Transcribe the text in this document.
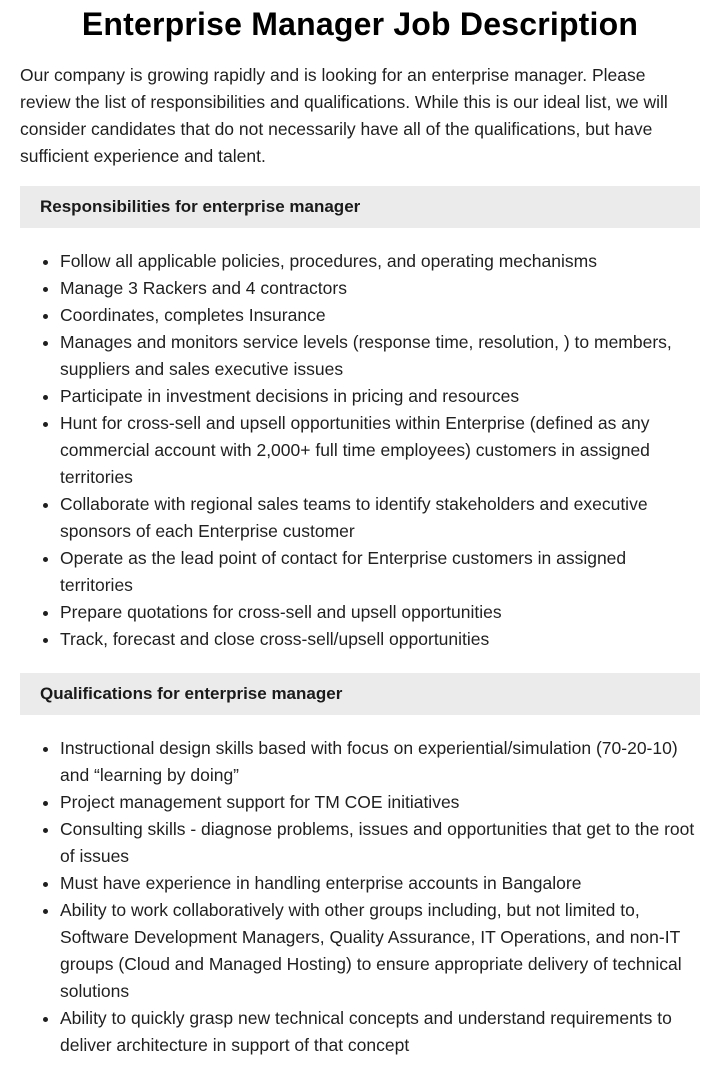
Enterprise Manager Job Description

Our company is growing rapidly and is looking for an enterprise manager. Please review the list of responsibilities and qualifications. While this is our ideal list, we will consider candidates that do not necessarily have all of the qualifications, but have sufficient experience and talent.

Responsibilities for enterprise manager
• Follow all applicable policies, procedures, and operating mechanisms
• Manage 3 Rackers and 4 contractors
• Coordinates, completes Insurance
• Manages and monitors service levels (response time, resolution, ) to members, suppliers and sales executive issues
• Participate in investment decisions in pricing and resources
• Hunt for cross-sell and upsell opportunities within Enterprise (defined as any commercial account with 2,000+ full time employees) customers in assigned territories
• Collaborate with regional sales teams to identify stakeholders and executive sponsors of each Enterprise customer
• Operate as the lead point of contact for Enterprise customers in assigned territories
• Prepare quotations for cross-sell and upsell opportunities
• Track, forecast and close cross-sell/upsell opportunities
Qualifications for enterprise manager
• Instructional design skills based with focus on experiential/simulation (70-20-10) and “learning by doing”
• Project management support for TM COE initiatives
• Consulting skills - diagnose problems, issues and opportunities that get to the root of issues
• Must have experience in handling enterprise accounts in Bangalore
• Ability to work collaboratively with other groups including, but not limited to, Software Development Managers, Quality Assurance, IT Operations, and non-IT groups (Cloud and Managed Hosting) to ensure appropriate delivery of technical solutions
• Ability to quickly grasp new technical concepts and understand requirements to deliver architecture in support of that concept
